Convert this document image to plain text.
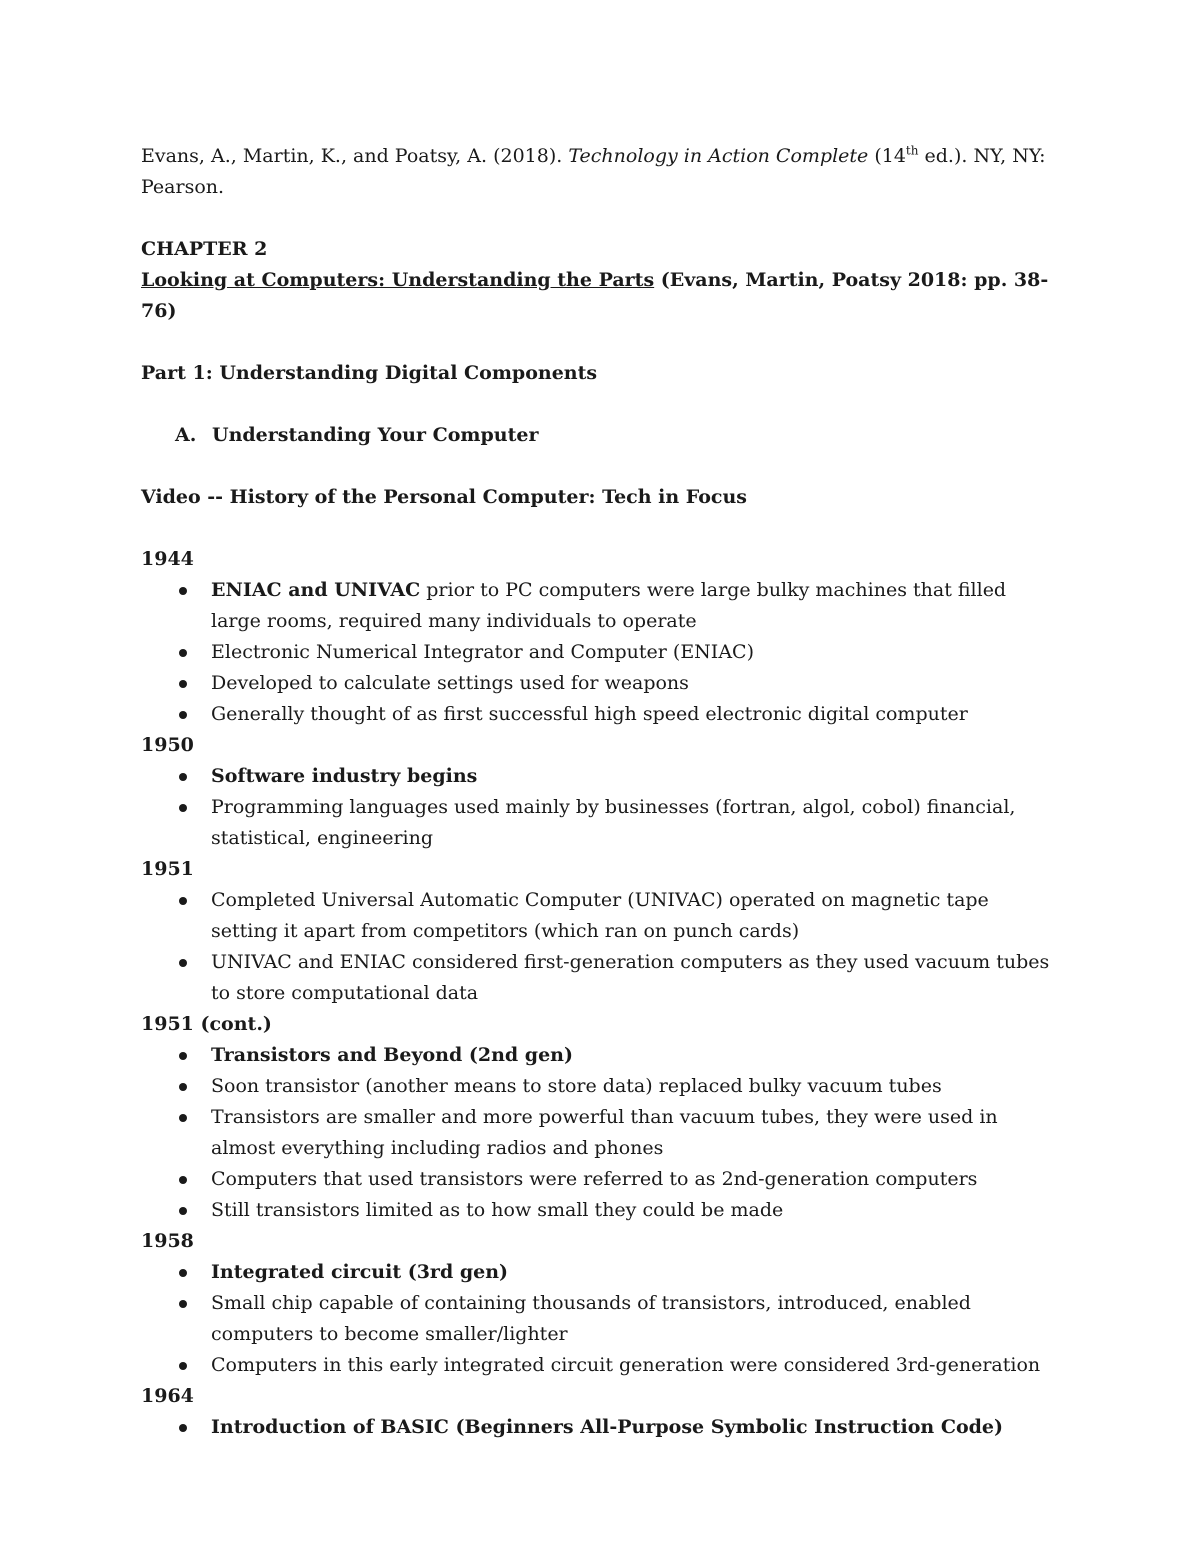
Evans, A., Martin, K., and Poatsy, A. (2018). Technology in Action Complete (14th ed.). NY, NY: Pearson.

CHAPTER 2
Looking at Computers: Understanding the Parts (Evans, Martin, Poatsy 2018: pp. 38-76)
Part 1: Understanding Digital Components
A. Understanding Your Computer
Video -- History of the Personal Computer: Tech in Focus
1944
ENIAC and UNIVAC prior to PC computers were large bulky machines that filled large rooms, required many individuals to operate
Electronic Numerical Integrator and Computer (ENIAC)
Developed to calculate settings used for weapons
Generally thought of as first successful high speed electronic digital computer
1950
Software industry begins
Programming languages used mainly by businesses (fortran, algol, cobol) financial, statistical, engineering
1951
Completed Universal Automatic Computer (UNIVAC) operated on magnetic tape setting it apart from competitors (which ran on punch cards)
UNIVAC and ENIAC considered first-generation computers as they used vacuum tubes to store computational data
1951 (cont.)
Transistors and Beyond (2nd gen)
Soon transistor (another means to store data) replaced bulky vacuum tubes
Transistors are smaller and more powerful than vacuum tubes, they were used in almost everything including radios and phones
Computers that used transistors were referred to as 2nd-generation computers
Still transistors limited as to how small they could be made
1958
Integrated circuit (3rd gen)
Small chip capable of containing thousands of transistors, introduced, enabled computers to become smaller/lighter
Computers in this early integrated circuit generation were considered 3rd-generation
1964
Introduction of BASIC (Beginners All-Purpose Symbolic Instruction Code)
